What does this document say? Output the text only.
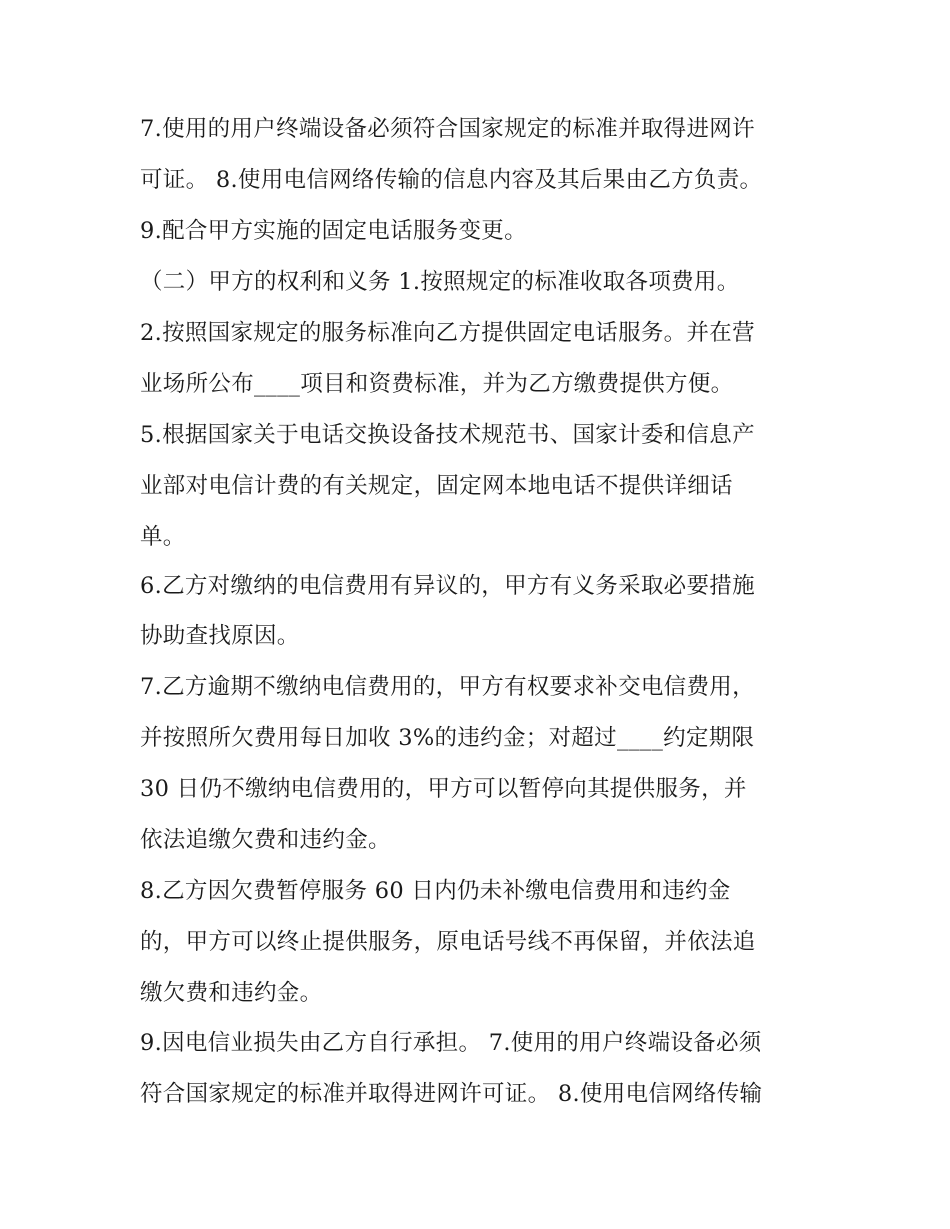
7.使用的用户终端设备必须符合国家规定的标准并取得进网许
可证。 8.使用电信网络传输的信息内容及其后果由乙方负责。
9.配合甲方实施的固定电话服务变更。
（二）甲方的权利和义务 1.按照规定的标准收取各项费用。
2.按照国家规定的服务标准向乙方提供固定电话服务。并在营
业场所公布____项目和资费标准，并为乙方缴费提供方便。
5.根据国家关于电话交换设备技术规范书、国家计委和信息产
业部对电信计费的有关规定，固定网本地电话不提供详细话
单。
6.乙方对缴纳的电信费用有异议的，甲方有义务采取必要措施
协助查找原因。
7.乙方逾期不缴纳电信费用的，甲方有权要求补交电信费用，
并按照所欠费用每日加收 3%的违约金；对超过____约定期限
30 日仍不缴纳电信费用的，甲方可以暂停向其提供服务，并
依法追缴欠费和违约金。
8.乙方因欠费暂停服务 60 日内仍未补缴电信费用和违约金
的，甲方可以终止提供服务，原电话号线不再保留，并依法追
缴欠费和违约金。
9.因电信业损失由乙方自行承担。 7.使用的用户终端设备必须
符合国家规定的标准并取得进网许可证。 8.使用电信网络传输
